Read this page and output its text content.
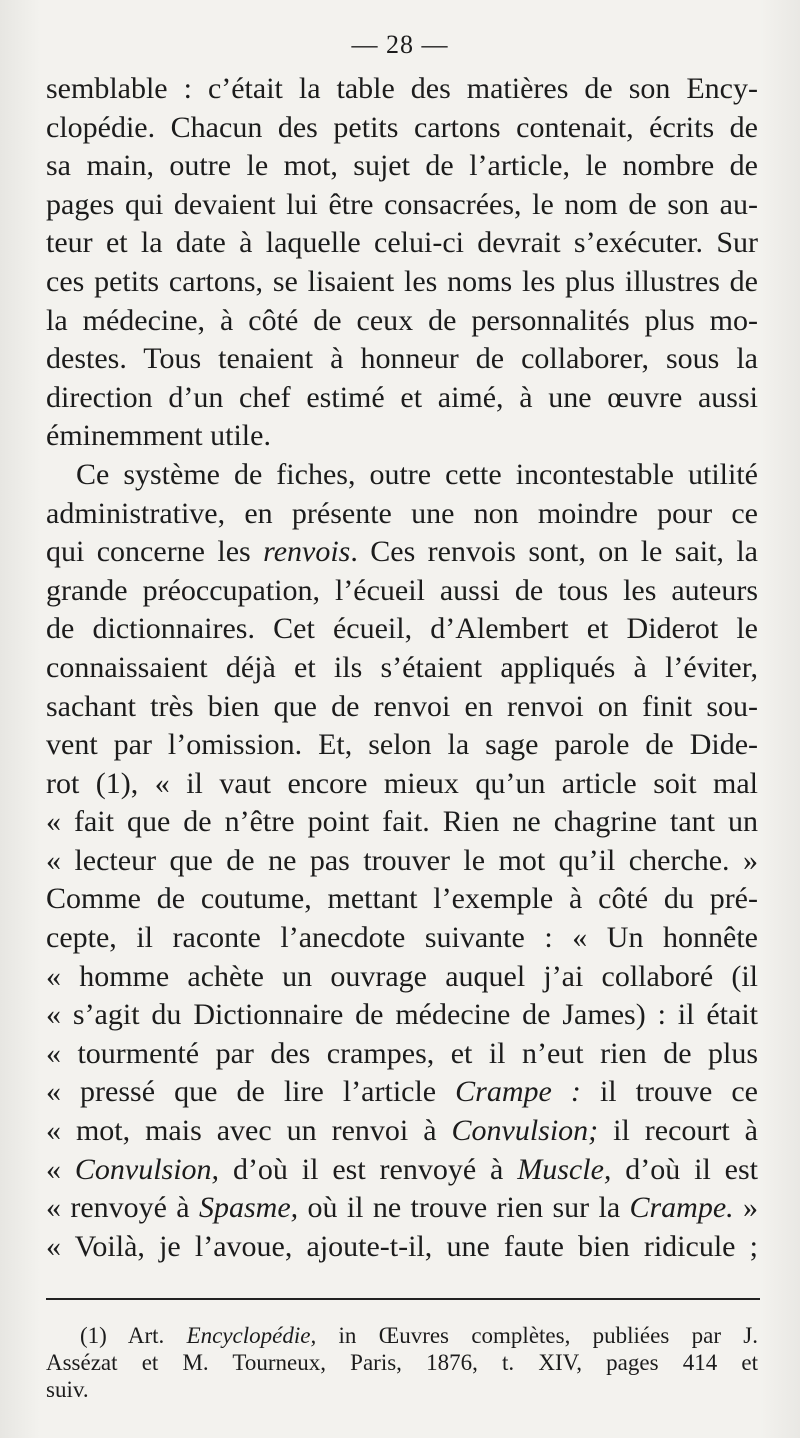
— 28 —
semblable : c’était la table des matières de son Ency-
clopédie. Chacun des petits cartons contenait, écrits de
sa main, outre le mot, sujet de l’article, le nombre de
pages qui devaient lui être consacrées, le nom de son au-
teur et la date à laquelle celui-ci devrait s’exécuter. Sur
ces petits cartons, se lisaient les noms les plus illustres de
la médecine, à côté de ceux de personnalités plus mo-
destes. Tous tenaient à honneur de collaborer, sous la
direction d’un chef estimé et aimé, à une œuvre aussi
éminemment utile.
Ce système de fiches, outre cette incontestable utilité
administrative, en présente une non moindre pour ce
qui concerne les renvois. Ces renvois sont, on le sait, la
grande préoccupation, l’écueil aussi de tous les auteurs
de dictionnaires. Cet écueil, d’Alembert et Diderot le
connaissaient déjà et ils s’étaient appliqués à l’éviter,
sachant très bien que de renvoi en renvoi on finit sou-
vent par l’omission. Et, selon la sage parole de Dide-
rot (1), « il vaut encore mieux qu’un article soit mal
« fait que de n’être point fait. Rien ne chagrine tant un
« lecteur que de ne pas trouver le mot qu’il cherche. »
Comme de coutume, mettant l’exemple à côté du pré-
cepte, il raconte l’anecdote suivante : « Un honnête
« homme achète un ouvrage auquel j’ai collaboré (il
« s’agit du Dictionnaire de médecine de James) : il était
« tourmenté par des crampes, et il n’eut rien de plus
« pressé que de lire l’article Crampe : il trouve ce
« mot, mais avec un renvoi à Convulsion; il recourt à
« Convulsion, d’où il est renvoyé à Muscle, d’où il est
« renvoyé à Spasme, où il ne trouve rien sur la Crampe. »
« Voilà, je l’avoue, ajoute-t-il, une faute bien ridicule ;
(1) Art. Encyclopédie, in Œuvres complètes, publiées par J.
Assézat et M. Tourneux, Paris, 1876, t. XIV, pages 414 et
suiv.
